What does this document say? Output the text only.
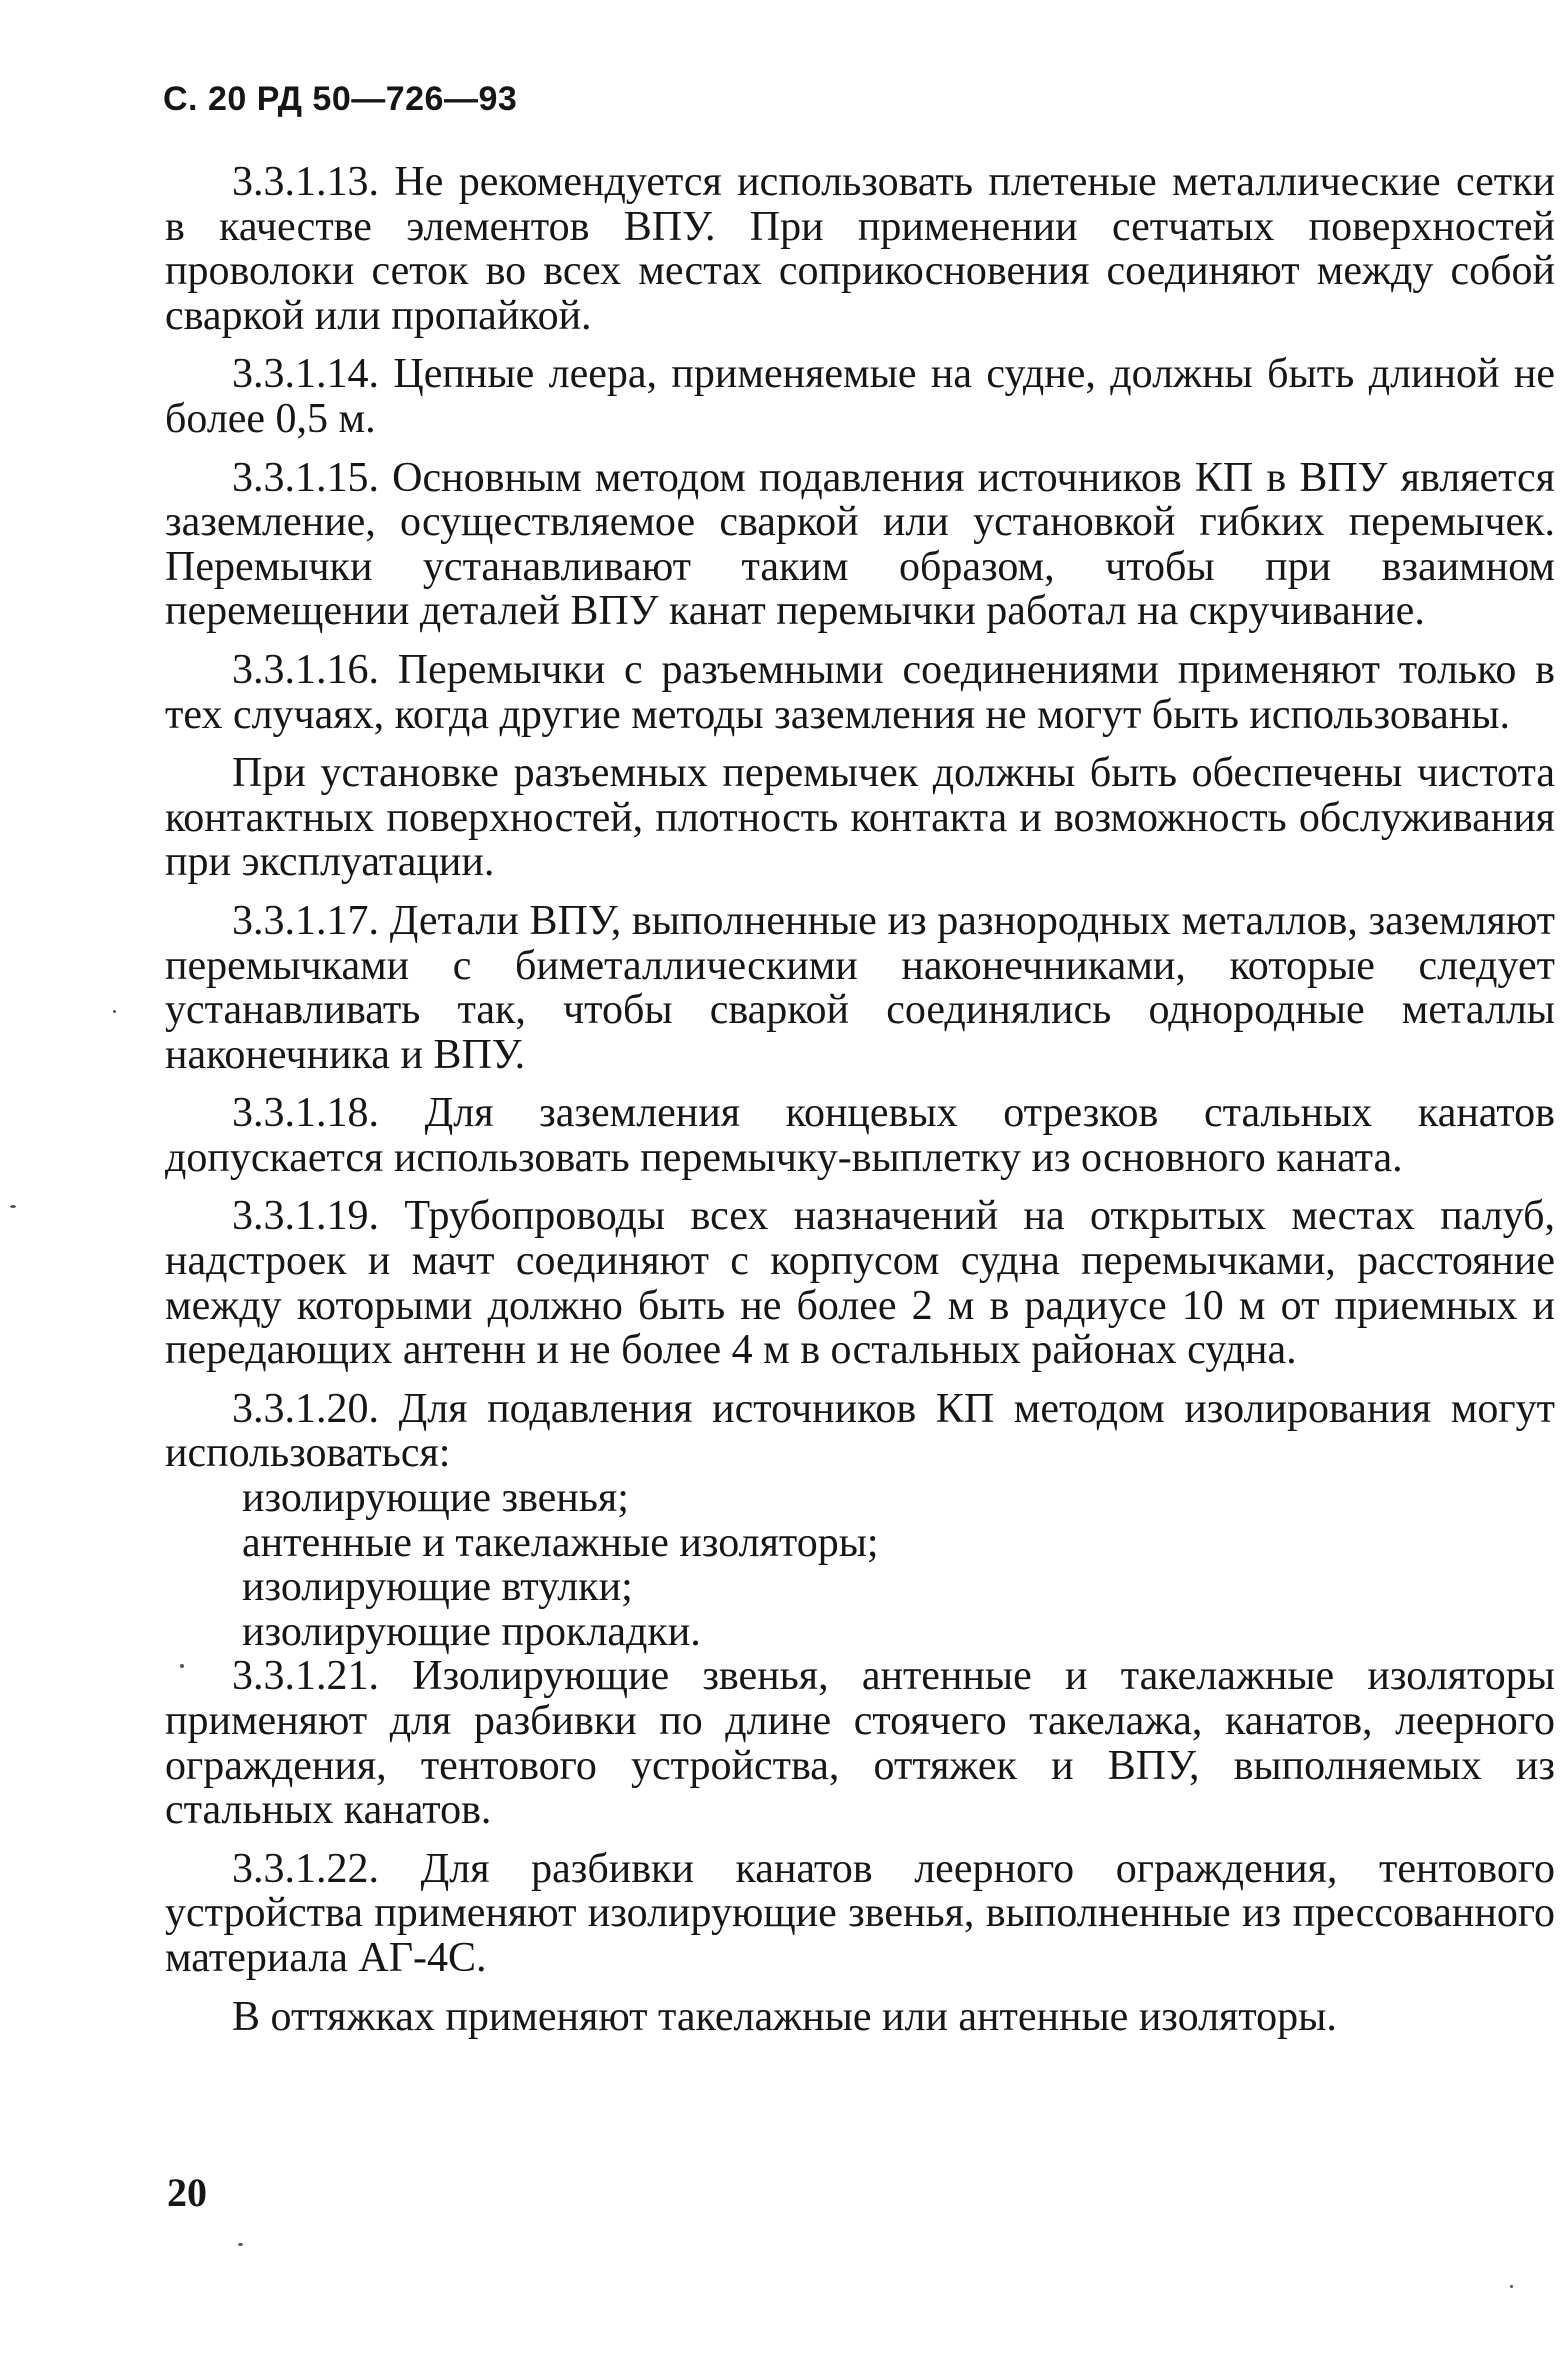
С. 20 РД 50—726—93

3.3.1.13. Не рекомендуется использовать плетеные металлические сетки в качестве элементов ВПУ. При применении сетчатых поверхностей проволоки сеток во всех местах соприкосновения соединяют между собой сваркой или пропайкой.

3.3.1.14. Цепные леера, применяемые на судне, должны быть длиной не более 0,5 м.

3.3.1.15. Основным методом подавления источников КП в ВПУ является заземление, осуществляемое сваркой или установкой гибких перемычек. Перемычки устанавливают таким образом, чтобы при взаимном перемещении деталей ВПУ канат перемычки работал на скручивание.

3.3.1.16. Перемычки с разъемными соединениями применяют только в тех случаях, когда другие методы заземления не могут быть использованы.

При установке разъемных перемычек должны быть обеспечены чистота контактных поверхностей, плотность контакта и возможность обслуживания при эксплуатации.

3.3.1.17. Детали ВПУ, выполненные из разнородных металлов, заземляют перемычками с биметаллическими наконечниками, которые следует устанавливать так, чтобы сваркой соединялись однородные металлы наконечника и ВПУ.

3.3.1.18. Для заземления концевых отрезков стальных канатов допускается использовать перемычку-выплетку из основного каната.

3.3.1.19. Трубопроводы всех назначений на открытых местах палуб, надстроек и мачт соединяют с корпусом судна перемычками, расстояние между которыми должно быть не более 2 м в радиусе 10 м от приемных и передающих антенн и не более 4 м в остальных районах судна.

3.3.1.20. Для подавления источников КП методом изолирования могут использоваться:

изолирующие звенья;
антенные и такелажные изоляторы;
изолирующие втулки;
изолирующие прокладки.

3.3.1.21. Изолирующие звенья, антенные и такелажные изоляторы применяют для разбивки по длине стоячего такелажа, канатов, леерного ограждения, тентового устройства, оттяжек и ВПУ, выполняемых из стальных канатов.

3.3.1.22. Для разбивки канатов леерного ограждения, тентового устройства применяют изолирующие звенья, выполненные из прессованного материала АГ-4С.

В оттяжках применяют такелажные или антенные изоляторы.

20
